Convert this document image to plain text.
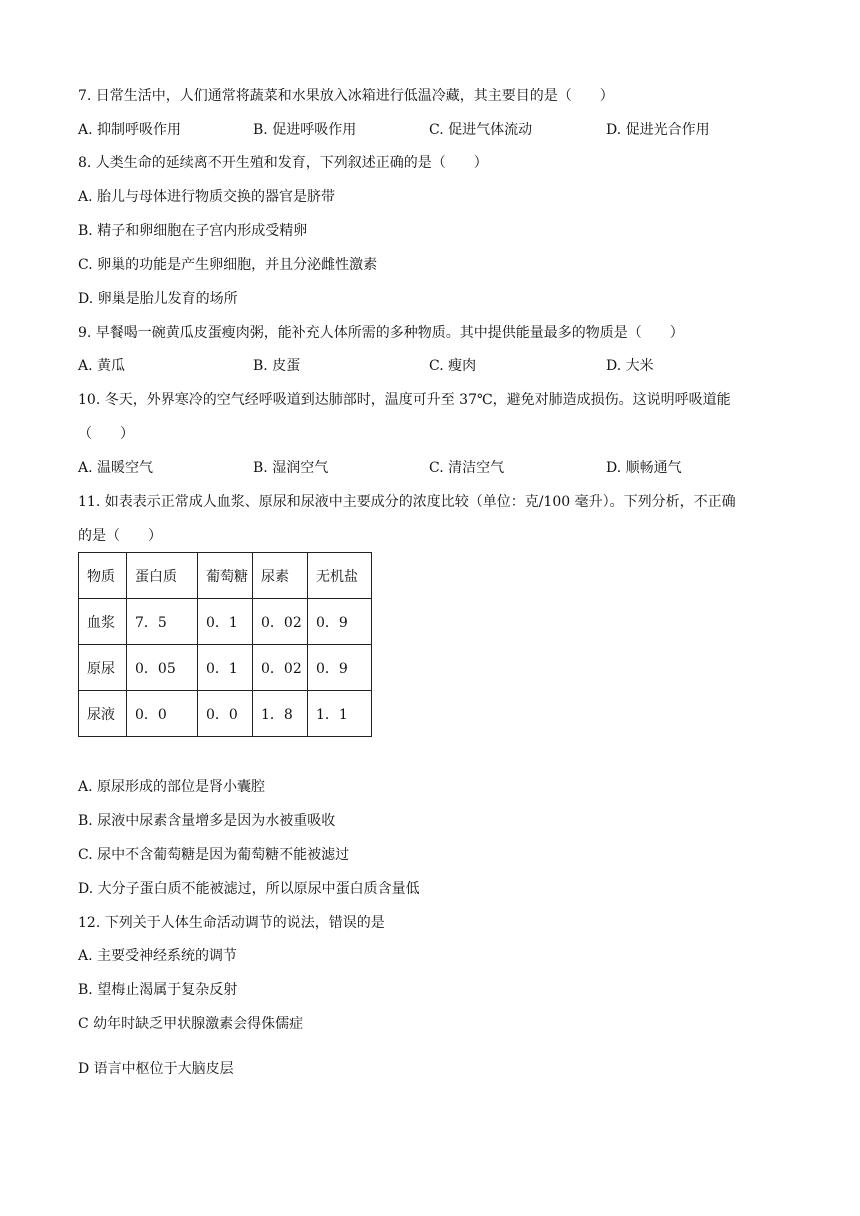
7. 日常生活中，人们通常将蔬菜和水果放入冰箱进行低温冷藏，其主要目的是（　　）
A. 抑制呼吸作用	B. 促进呼吸作用	C. 促进气体流动	D. 促进光合作用
8. 人类生命的延续离不开生殖和发育，下列叙述正确的是（　　）
A. 胎儿与母体进行物质交换的器官是脐带
B. 精子和卵细胞在子宫内形成受精卵
C. 卵巢的功能是产生卵细胞，并且分泌雌性激素
D. 卵巢是胎儿发育的场所
9. 早餐喝一碗黄瓜皮蛋瘦肉粥，能补充人体所需的多种物质。其中提供能量最多的物质是（　　）
A. 黄瓜	B. 皮蛋	C. 瘦肉	D. 大米
10. 冬天，外界寒冷的空气经呼吸道到达肺部时，温度可升至 37℃，避免对肺造成损伤。这说明呼吸道能
（　　）
A. 温暖空气	B. 湿润空气	C. 清洁空气	D. 顺畅通气
11. 如表表示正常成人血浆、原尿和尿液中主要成分的浓度比较（单位：克/100 毫升）。下列分析，不正确
的是（　　）
物质	蛋白质	葡萄糖	尿素	无机盐
血浆	7．5	0．1	0．02	0．9
原尿	0．05	0．1	0．02	0．9
尿液	0．0	0．0	1．8	1．1
A. 原尿形成的部位是肾小囊腔
B. 尿液中尿素含量增多是因为水被重吸收
C. 尿中不含葡萄糖是因为葡萄糖不能被滤过
D. 大分子蛋白质不能被滤过，所以原尿中蛋白质含量低
12. 下列关于人体生命活动调节的说法，错误的是
A. 主要受神经系统的调节
B. 望梅止渴属于复杂反射
C 幼年时缺乏甲状腺激素会得侏儒症
D 语言中枢位于大脑皮层
